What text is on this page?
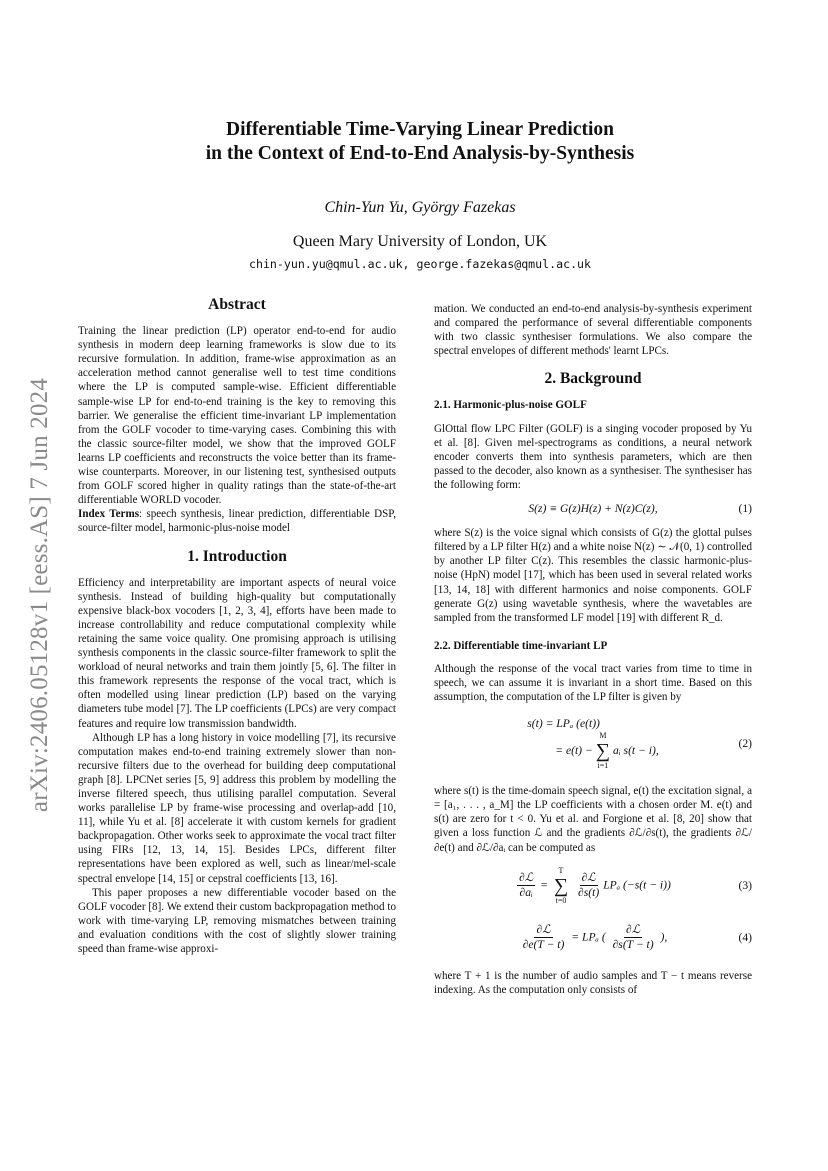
arXiv:2406.05128v1 [eess.AS] 7 Jun 2024
Differentiable Time-Varying Linear Prediction
in the Context of End-to-End Analysis-by-Synthesis
Chin-Yun Yu, György Fazekas
Queen Mary University of London, UK
chin-yun.yu@qmul.ac.uk, george.fazekas@qmul.ac.uk
Abstract

Training the linear prediction (LP) operator end-to-end for audio synthesis in modern deep learning frameworks is slow due to its recursive formulation. In addition, frame-wise approximation as an acceleration method cannot generalise well to test time conditions where the LP is computed sample-wise. Efficient differentiable sample-wise LP for end-to-end training is the key to removing this barrier. We generalise the efficient time-invariant LP implementation from the GOLF vocoder to time-varying cases. Combining this with the classic source-filter model, we show that the improved GOLF learns LP coefficients and reconstructs the voice better than its frame-wise counterparts. Moreover, in our listening test, synthesised outputs from GOLF scored higher in quality ratings than the state-of-the-art differentiable WORLD vocoder.

Index Terms: speech synthesis, linear prediction, differentiable DSP, source-filter model, harmonic-plus-noise model

1. Introduction

Efficiency and interpretability are important aspects of neural voice synthesis. Instead of building high-quality but computationally expensive black-box vocoders [1, 2, 3, 4], efforts have been made to increase controllability and reduce computational complexity while retaining the same voice quality. One promising approach is utilising synthesis components in the classic source-filter framework to split the workload of neural networks and train them jointly [5, 6]. The filter in this framework represents the response of the vocal tract, which is often modelled using linear prediction (LP) based on the varying diameters tube model [7]. The LP coefficients (LPCs) are very compact features and require low transmission bandwidth.

Although LP has a long history in voice modelling [7], its recursive computation makes end-to-end training extremely slower than non-recursive filters due to the overhead for building deep computational graph [8]. LPCNet series [5, 9] address this problem by modelling the inverse filtered speech, thus utilising parallel computation. Several works parallelise LP by frame-wise processing and overlap-add [10, 11], while Yu et al. [8] accelerate it with custom kernels for gradient backpropagation. Other works seek to approximate the vocal tract filter using FIRs [12, 13, 14, 15]. Besides LPCs, different filter representations have been explored as well, such as linear/mel-scale spectral envelope [14, 15] or cepstral coefficients [13, 16].

This paper proposes a new differentiable vocoder based on the GOLF vocoder [8]. We extend their custom backpropagation method to work with time-varying LP, removing mismatches between training and evaluation conditions with the cost of slightly slower training speed than frame-wise approxi-

mation. We conducted an end-to-end analysis-by-synthesis experiment and compared the performance of several differentiable components with two classic synthesiser formulations. We also compare the spectral envelopes of different methods' learnt LPCs.

2. Background
2.1. Harmonic-plus-noise GOLF

GlOttal flow LPC Filter (GOLF) is a singing vocoder proposed by Yu et al. [8]. Given mel-spectrograms as conditions, a neural network encoder converts them into synthesis parameters, which are then passed to the decoder, also known as a synthesiser. The synthesiser has the following form:

S(z) ≡ G(z)H(z) + N(z)C(z),	(1)

where S(z) is the voice signal which consists of G(z) the glottal pulses filtered by a LP filter H(z) and a white noise N(z) ∼ 𝒩(0, 1) controlled by another LP filter C(z). This resembles the classic harmonic-plus-noise (HpN) model [17], which has been used in several related works [13, 14, 18] with different harmonics and noise components. GOLF generate G(z) using wavetable synthesis, where the wavetables are sampled from the transformed LF model [19] with different R_d.

2.2. Differentiable time-invariant LP

Although the response of the vocal tract varies from time to time in speech, we can assume it is invariant in a short time. Based on this assumption, the computation of the LP filter is given by

s(t) = LPₐ (e(t))
= e(t) −
M
∑
i=1
aᵢ s(t − i),
(2)

where s(t) is the time-domain speech signal, e(t) the excitation signal, a = [a₁, . . . , a_M] the LP coefficients with a chosen order M. e(t) and s(t) are zero for t < 0. Yu et al. and Forgione et al. [8, 20] show that given a loss function ℒ and the gradients ∂ℒ/∂s(t), the gradients ∂ℒ/∂e(t) and ∂ℒ/∂aᵢ can be computed as

$\frac{\text{∂ℒ}}{\text{∂aᵢ}}$ =
T
∑
t=0
$\frac{\text{∂ℒ}}{\partial s(t)}$ LPₐ (−s(t − i))	(3)
$\frac{\text{∂ℒ}}{\partial e(T - t)} = LP_a$ ( $\frac{\text{∂ℒ}}{\partial s(T - t)}$ ),	(4)

where T + 1 is the number of audio samples and T − t means reverse indexing. As the computation only consists of
